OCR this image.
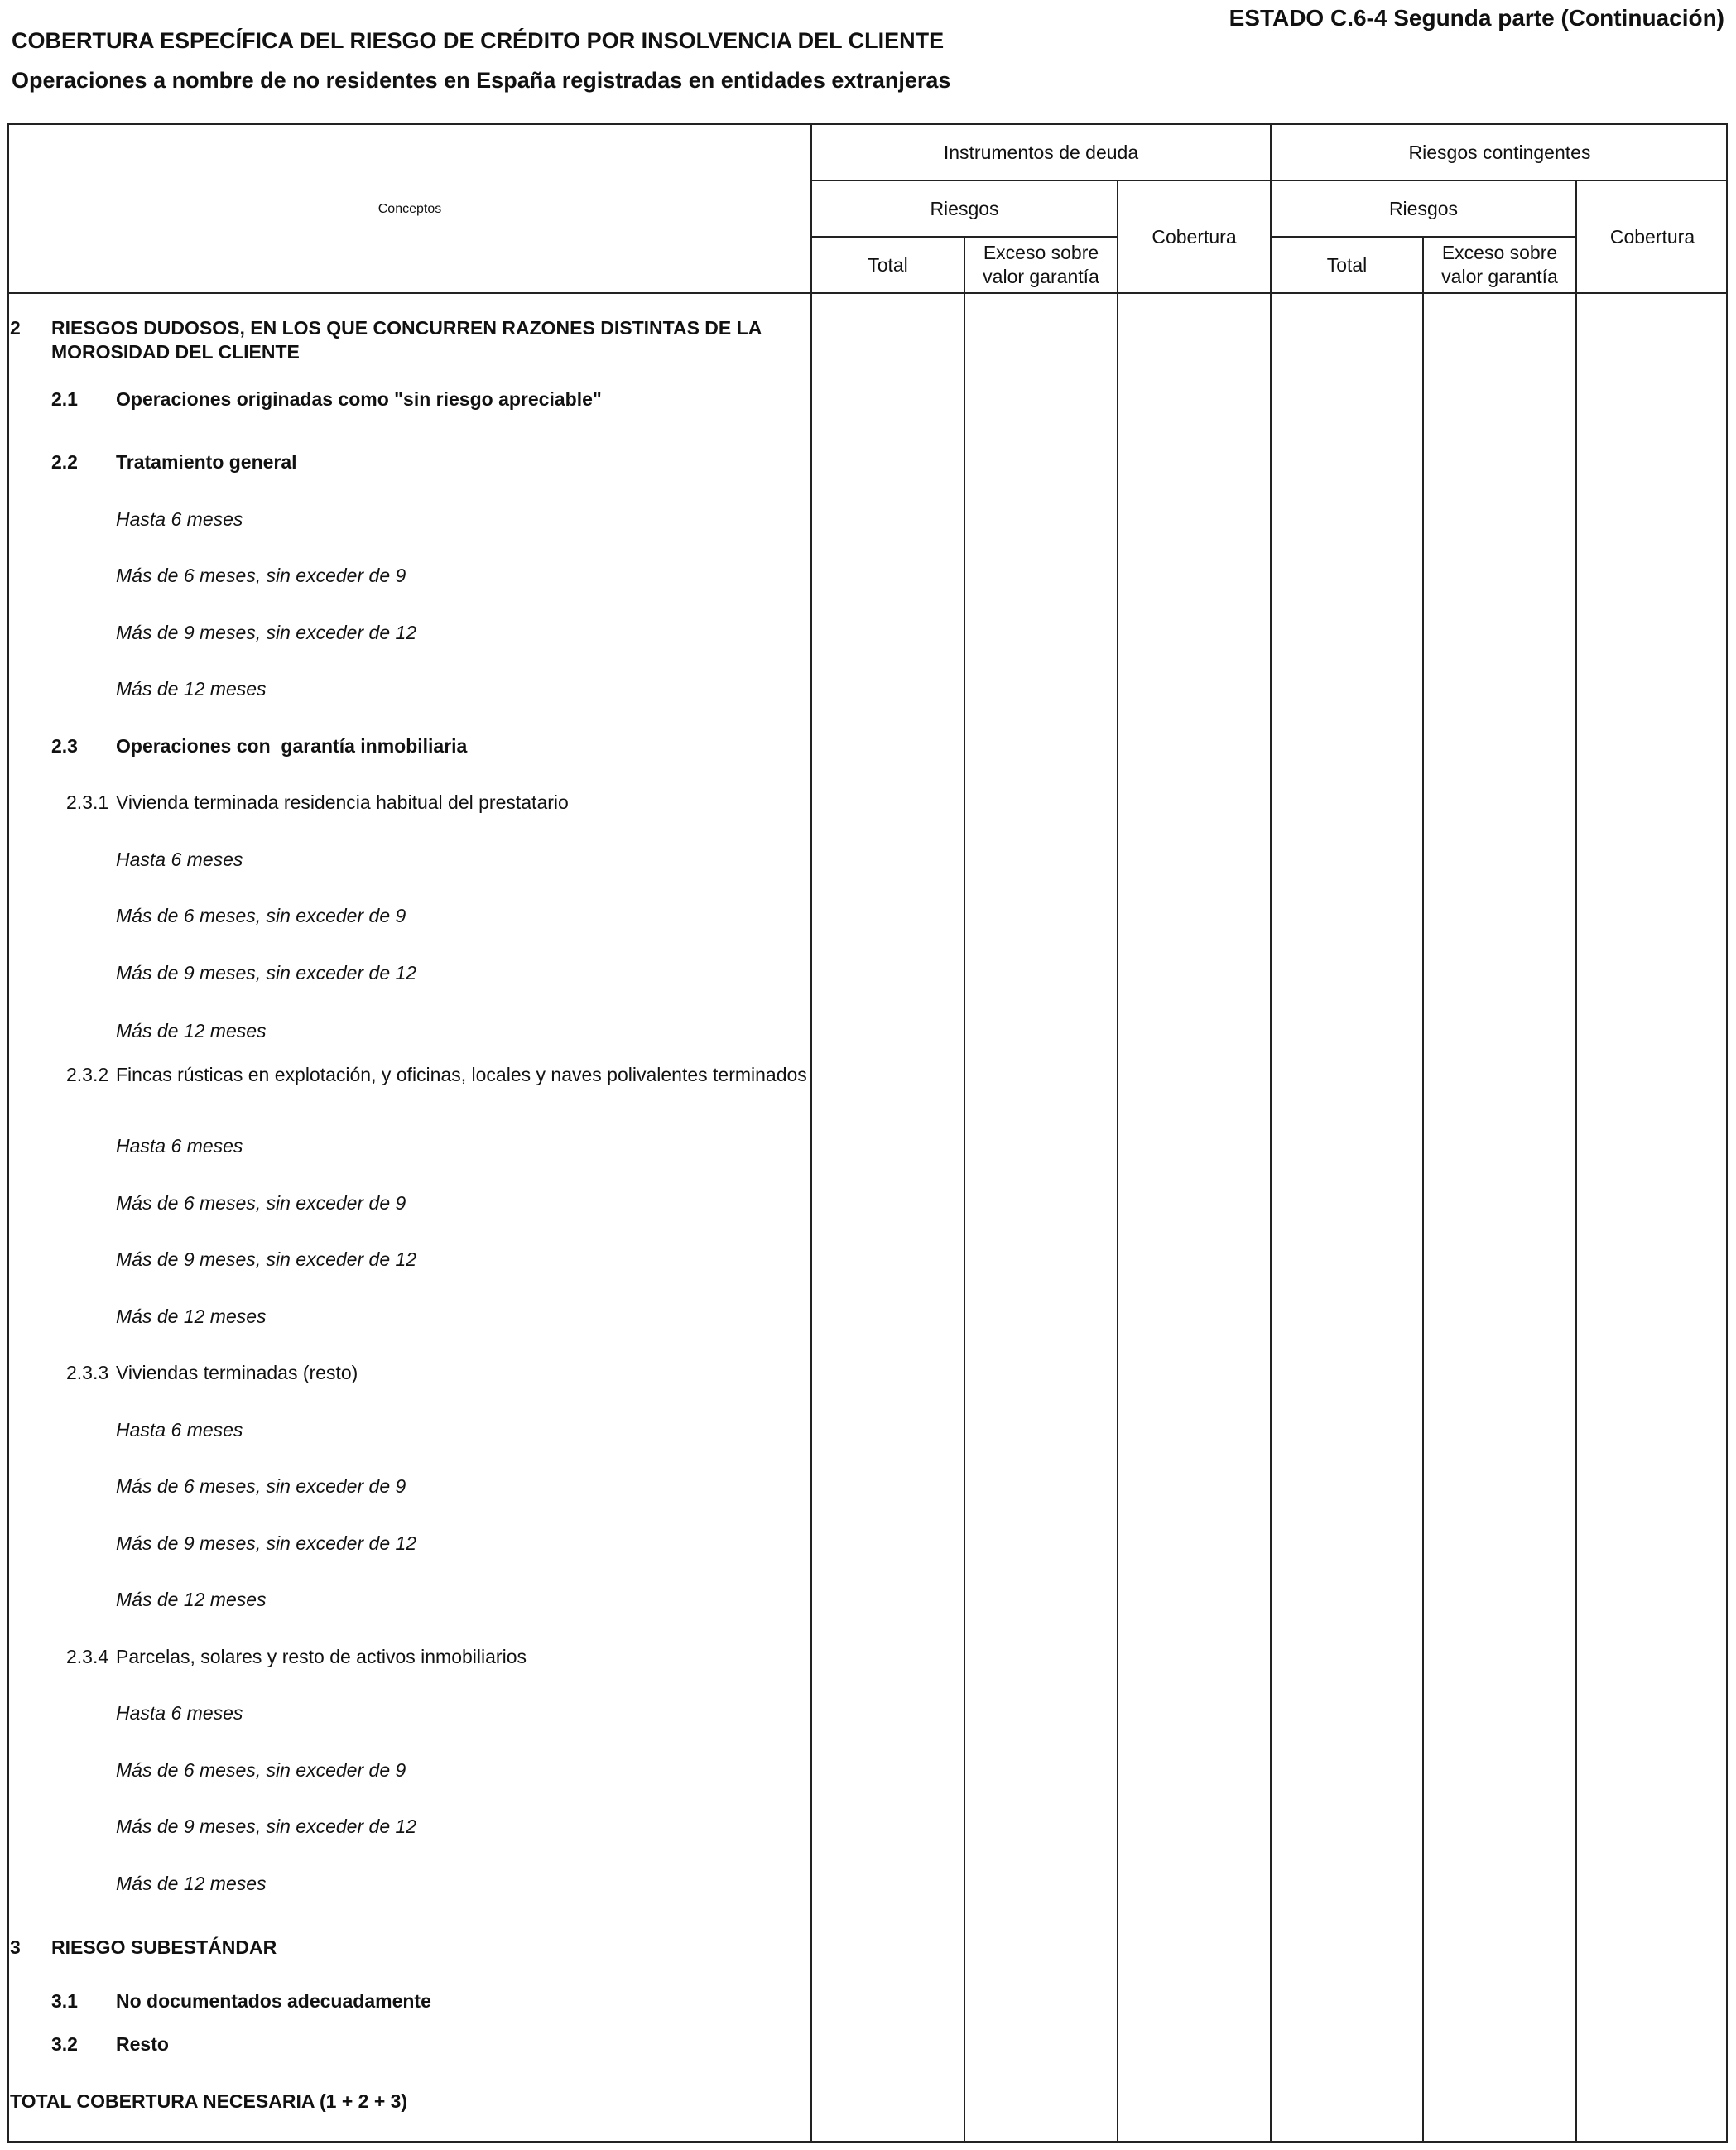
COBERTURA ESPECÍFICA DEL RIESGO DE CRÉDITO POR INSOLVENCIA DEL CLIENTE
Operaciones a nombre de no residentes en España registradas en entidades extranjeras
ESTADO C.6-4 Segunda parte (Continuación)
Conceptos
Instrumentos de deuda	Riesgos contingentes
Riesgos
Cobertura
Riesgos
Cobertura
Total
Exceso sobre valor garantía
Total
Exceso sobre valor garantía
2 RIESGOS DUDOSOS, EN LOS QUE CONCURREN RAZONES DISTINTAS DE LA MOROSIDAD DEL CLIENTE
2.1 Operaciones originadas como "sin riesgo apreciable"
2.2 Tratamiento general
Hasta 6 meses
Más de 6 meses, sin exceder de 9
Más de 9 meses, sin exceder de 12
Más de 12 meses
2.3 Operaciones con  garantía inmobiliaria
2.3.1 Vivienda terminada residencia habitual del prestatario
Hasta 6 meses
Más de 6 meses, sin exceder de 9
Más de 9 meses, sin exceder de 12
Más de 12 meses
2.3.2 Fincas rústicas en explotación, y oficinas, locales y naves polivalentes terminados
Hasta 6 meses
Más de 6 meses, sin exceder de 9
Más de 9 meses, sin exceder de 12
Más de 12 meses
2.3.3 Viviendas terminadas (resto)
Hasta 6 meses
Más de 6 meses, sin exceder de 9
Más de 9 meses, sin exceder de 12
Más de 12 meses
2.3.4 Parcelas, solares y resto de activos inmobiliarios
Hasta 6 meses
Más de 6 meses, sin exceder de 9
Más de 9 meses, sin exceder de 12
Más de 12 meses
3 RIESGO SUBESTÁNDAR
3.1 No documentados adecuadamente
3.2 Resto
TOTAL COBERTURA NECESARIA (1 + 2 + 3)
